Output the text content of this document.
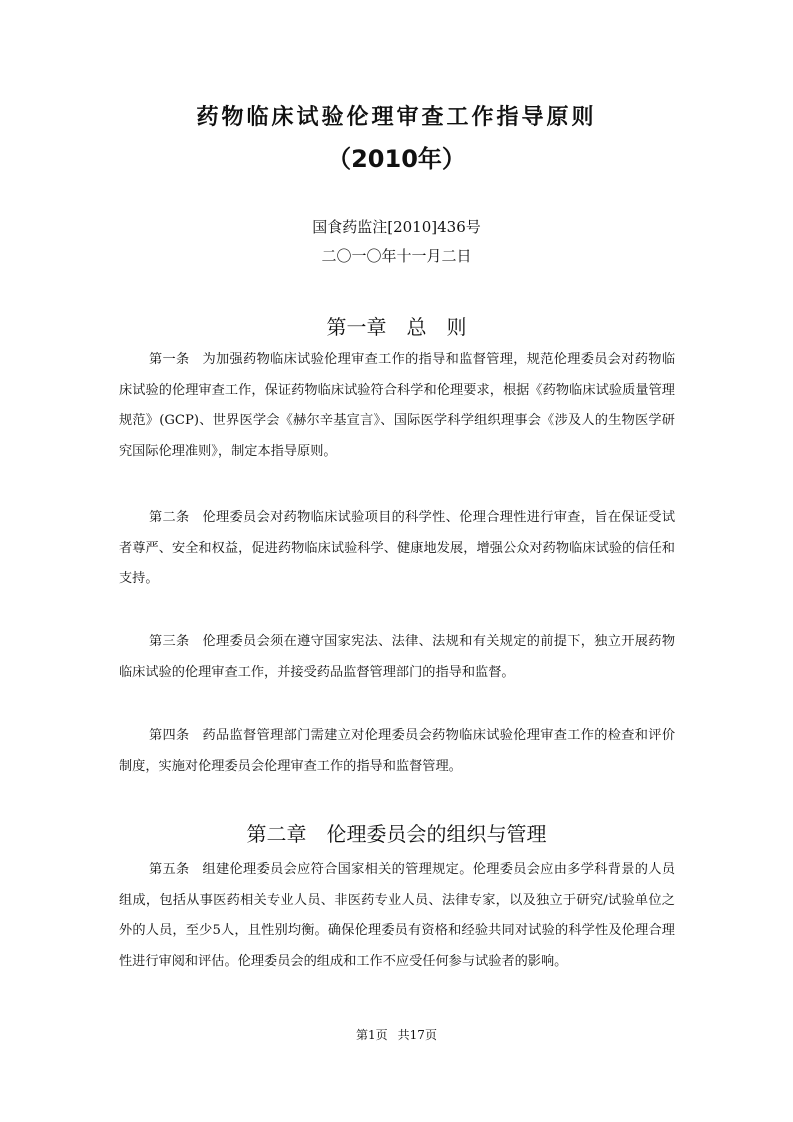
药物临床试验伦理审查工作指导原则
（2010年）
国食药监注[2010]436号
二〇一〇年十一月二日
第一章　总　则
第一条 为加强药物临床试验伦理审查工作的指导和监督管理，规范伦理委员会对药物临床试验的伦理审查工作，保证药物临床试验符合科学和伦理要求，根据《药物临床试验质量管理规范》(GCP)、世界医学会《赫尔辛基宣言》、国际医学科学组织理事会《涉及人的生物医学研究国际伦理准则》，制定本指导原则。
第二条 伦理委员会对药物临床试验项目的科学性、伦理合理性进行审查，旨在保证受试者尊严、安全和权益，促进药物临床试验科学、健康地发展，增强公众对药物临床试验的信任和支持。
第三条 伦理委员会须在遵守国家宪法、法律、法规和有关规定的前提下，独立开展药物临床试验的伦理审查工作，并接受药品监督管理部门的指导和监督。
第四条 药品监督管理部门需建立对伦理委员会药物临床试验伦理审查工作的检查和评价制度，实施对伦理委员会伦理审查工作的指导和监督管理。
第二章　伦理委员会的组织与管理
第五条 组建伦理委员会应符合国家相关的管理规定。伦理委员会应由多学科背景的人员组成，包括从事医药相关专业人员、非医药专业人员、法律专家，以及独立于研究/试验单位之外的人员，至少5人，且性别均衡。确保伦理委员有资格和经验共同对试验的科学性及伦理合理性进行审阅和评估。伦理委员会的组成和工作不应受任何参与试验者的影响。
第1页 共17页
